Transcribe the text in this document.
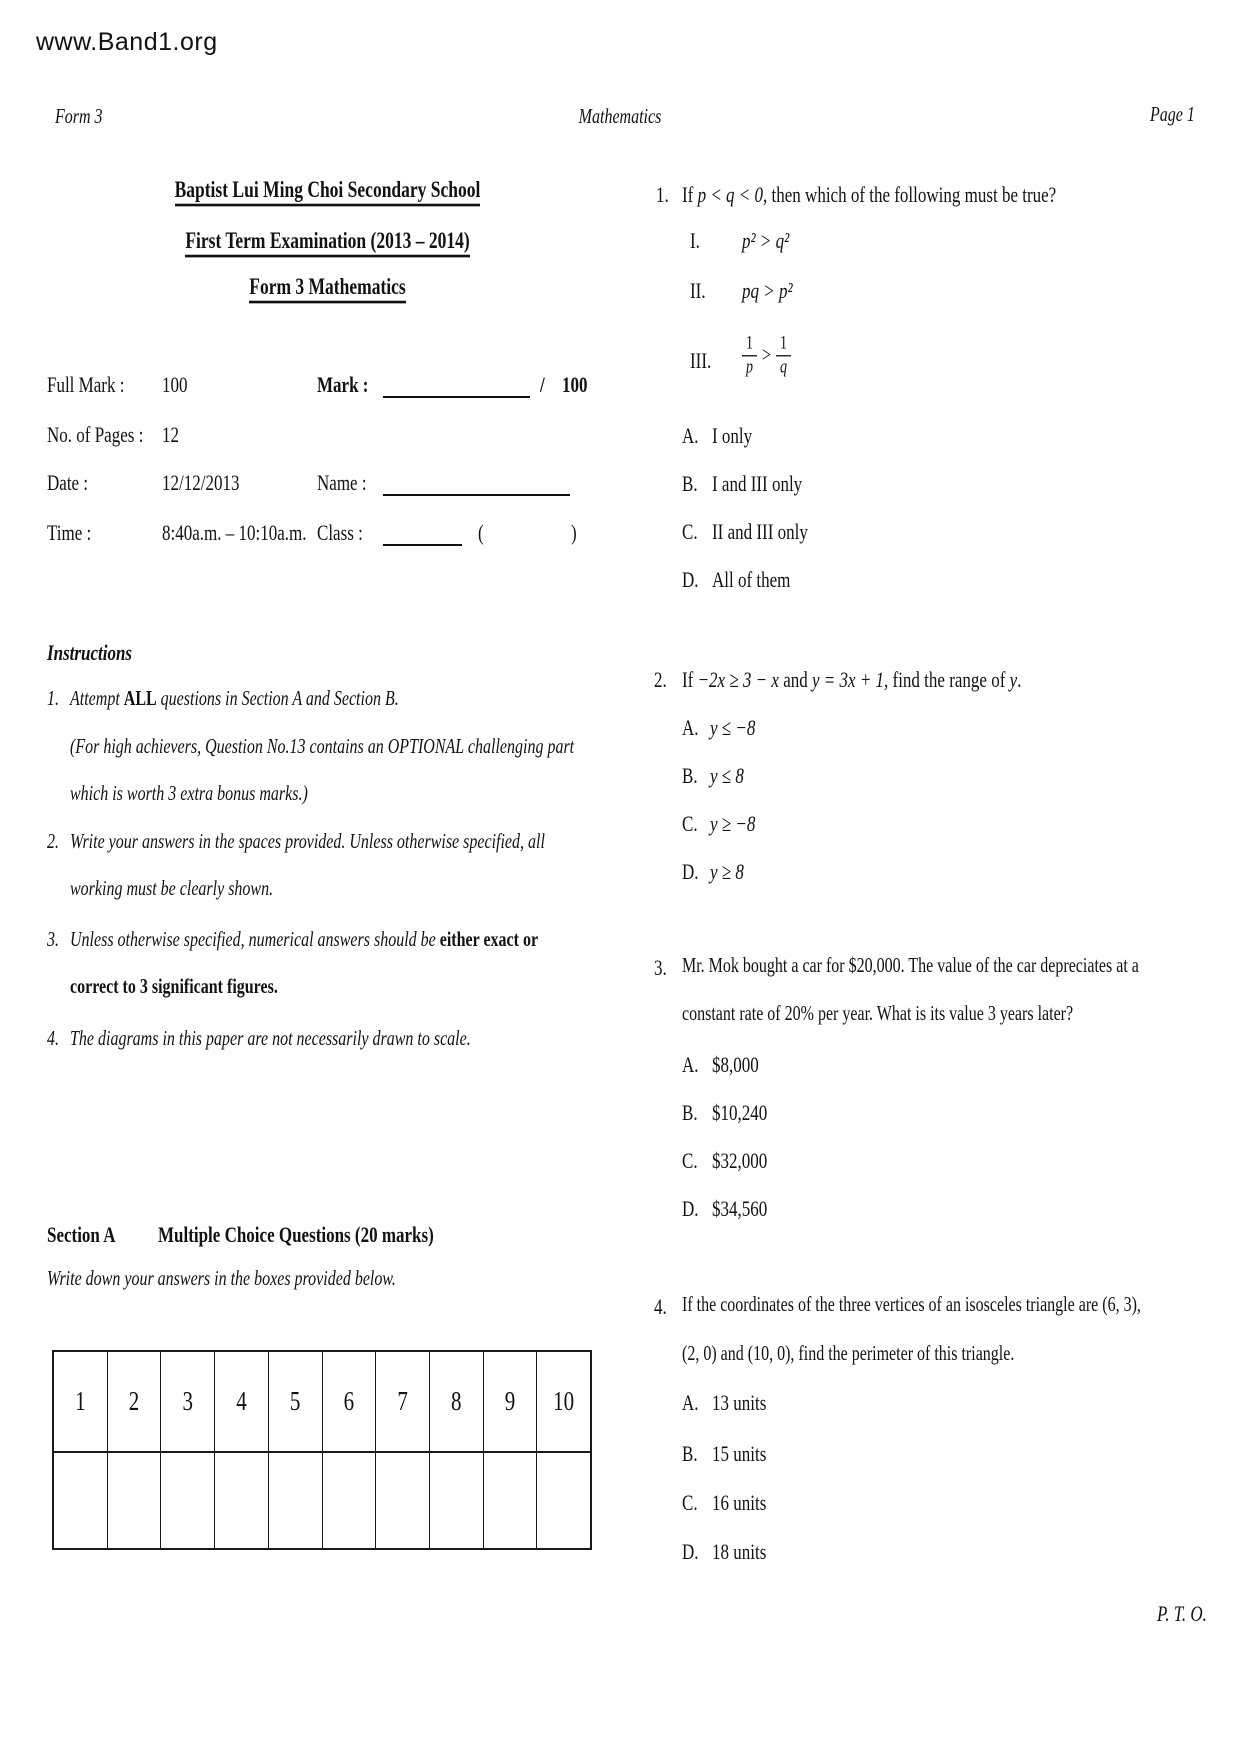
www.Band1.org
Form 3	Mathematics	Page 1
Baptist Lui Ming Choi Secondary School
First Term Examination (2013 – 2014)
Form 3 Mathematics
Full Mark : 100	Mark :	/ 100
No. of Pages : 12
Date :	12/12/2013	Name :
Time :	8:40a.m. – 10:10a.m. Class :	(	)
Instructions
1. Attempt ALL questions in Section A and Section B.
(For high achievers, Question No.13 contains an OPTIONAL challenging part
which is worth 3 extra bonus marks.)
2. Write your answers in the spaces provided. Unless otherwise specified, all
working must be clearly shown.
3. Unless otherwise specified, numerical answers should be either exact or
correct to 3 significant figures.
4. The diagrams in this paper are not necessarily drawn to scale.
Section A	Multiple Choice Questions (20 marks)
Write down your answers in the boxes provided below.
1 2 3 4 5 6 7 8 9 10
1. If p < q < 0, then which of the following must be true?
I. p² > q²
II. pq > p²
III. $\frac{1}{p} > \frac{1}{q}$
A. I only
B. I and III only
C. II and III only
D. All of them
2. If −2x ≥ 3 − x and y = 3x + 1, find the range of y.
A. y ≤ −8
B. y ≤ 8
C. y ≥ −8
D. y ≥ 8
3. Mr. Mok bought a car for $20,000. The value of the car depreciates at a
constant rate of 20% per year. What is its value 3 years later?
A. $8,000
B. $10,240
C. $32,000
D. $34,560
4. If the coordinates of the three vertices of an isosceles triangle are (6, 3),
(2, 0) and (10, 0), find the perimeter of this triangle.
A. 13 units
B. 15 units
C. 16 units
D. 18 units
P. T. O.
